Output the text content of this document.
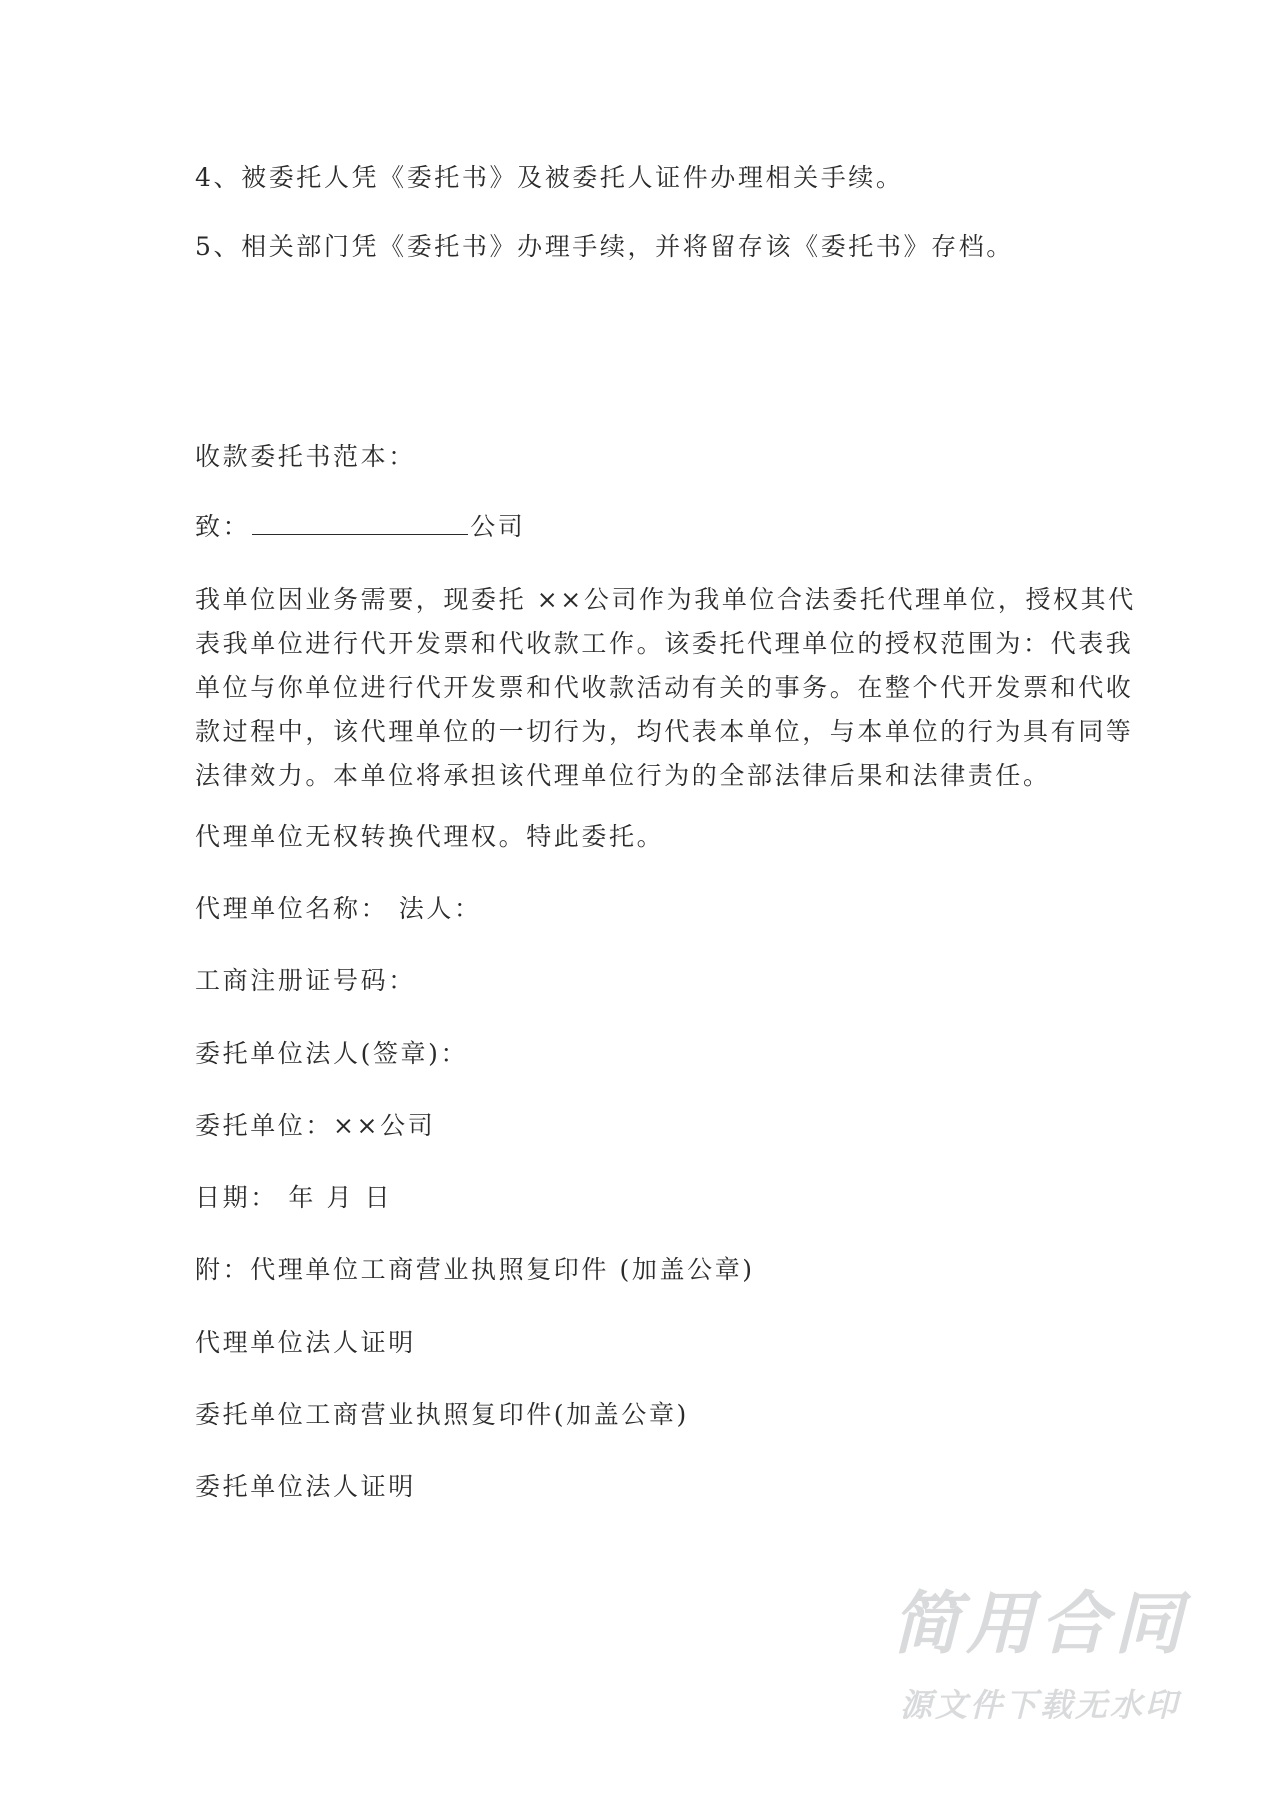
4、被委托人凭《委托书》及被委托人证件办理相关手续。
5、相关部门凭《委托书》办理手续，并将留存该《委托书》存档。
收款委托书范本：
致：	公司
我单位因业务需要，现委托 ××公司作为我单位合法委托代理单位，授权其代
表我单位进行代开发票和代收款工作。该委托代理单位的授权范围为：代表我
单位与你单位进行代开发票和代收款活动有关的事务。在整个代开发票和代收
款过程中，该代理单位的一切行为，均代表本单位，与本单位的行为具有同等
法律效力。本单位将承担该代理单位行为的全部法律后果和法律责任。
代理单位无权转换代理权。特此委托。
代理单位名称： 法人：
工商注册证号码：
委托单位法人(签章)：
委托单位：××公司
日期： 年 月 日
附：代理单位工商营业执照复印件 (加盖公章)
代理单位法人证明
委托单位工商营业执照复印件(加盖公章)
委托单位法人证明
简用合同
源文件下载无水印
